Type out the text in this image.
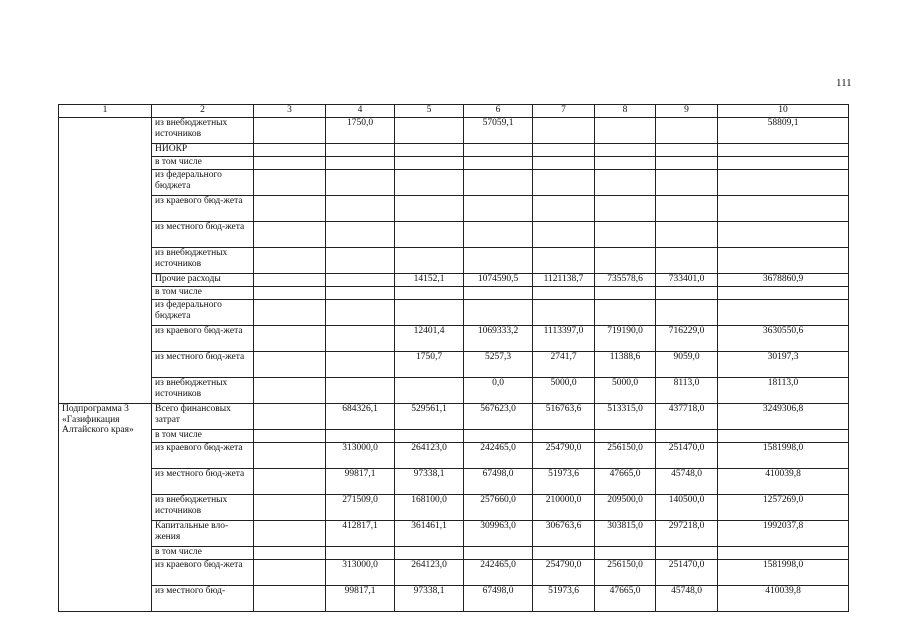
111
1	2	3	4	5	6	7	8	9	10
	из внебюджетных источников		1750,0		57059,1				58809,1
	НИОКР								
	в том числе								
	из федерального бюджета								
	из краевого бюд-жета								
	из местного бюд-жета								
	из внебюджетных источников								
	Прочие расходы			14152,1	1074590,5	1121138,7	735578,6	733401,0	3678860,9
	в том числе								
	из федерального бюджета								
	из краевого бюд-жета			12401,4	1069333,2	1113397,0	719190,0	716229,0	3630550,6
	из местного бюд-жета			1750,7	5257,3	2741,7	11388,6	9059,0	30197,3
	из внебюджетных источников				0,0	5000,0	5000,0	8113,0	18113,0
Подпрограмма 3 «Газификация Алтайского края»	Всего финансовых затрат		684326,1	529561,1	567623,0	516763,6	513315,0	437718,0	3249306,8
	в том числе								
	из краевого бюд-жета		313000,0	264123,0	242465,0	254790,0	256150,0	251470,0	1581998,0
	из местного бюд-жета		99817,1	97338,1	67498,0	51973,6	47665,0	45748,0	410039,8
	из внебюджетных источников		271509,0	168100,0	257660,0	210000,0	209500,0	140500,0	1257269,0
	Капитальные вло-жения		412817,1	361461,1	309963,0	306763,6	303815,0	297218,0	1992037,8
	в том числе								
	из краевого бюд-жета		313000,0	264123,0	242465,0	254790,0	256150,0	251470,0	1581998,0
	из местного бюд-		99817,1	97338,1	67498,0	51973,6	47665,0	45748,0	410039,8
